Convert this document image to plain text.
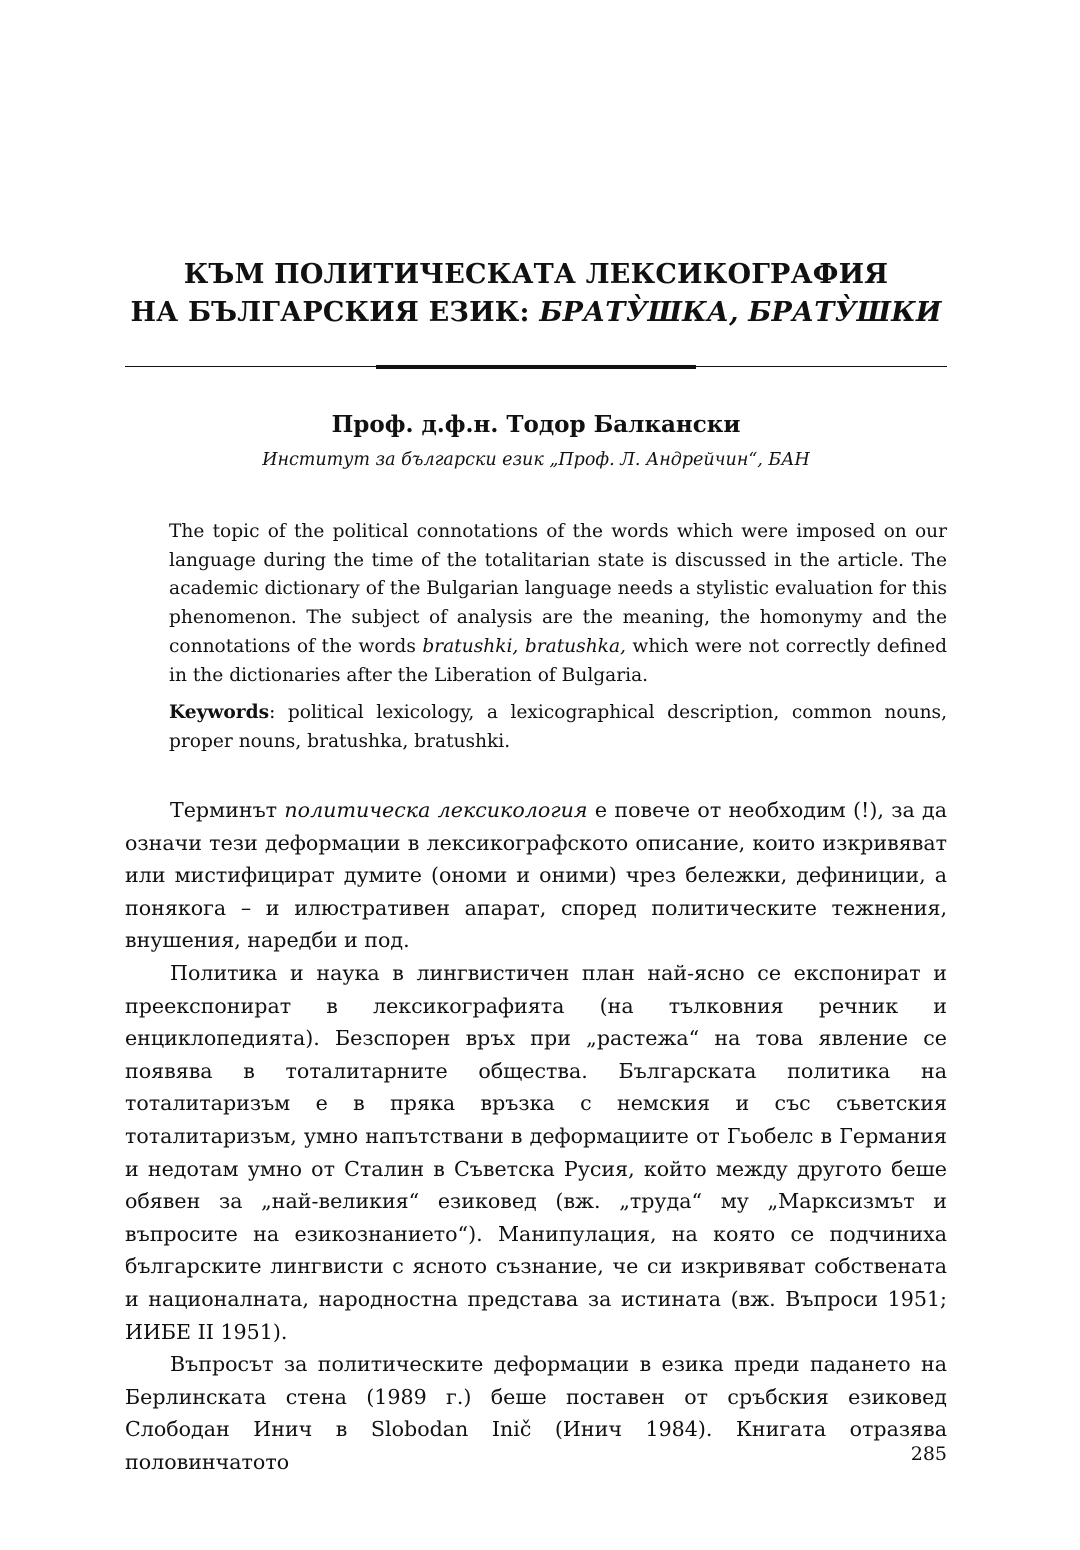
КЪМ ПОЛИТИЧЕСКАТА ЛЕКСИКОГРАФИЯ
НА БЪЛГАРСКИЯ ЕЗИК: БРАТУ̀ШКА, БРАТУ̀ШКИ
Проф. д.ф.н. Тодор Балкански
Институт за български език „Проф. Л. Андрейчин“, БАН

The topic of the political connotations of the words which were imposed on our language during the time of the totalitarian state is discussed in the article. The academic dictionary of the Bulgarian language needs a stylistic evaluation for this phenomenon. The subject of analysis are the meaning, the homonymy and the connotations of the words bratushki, bratushka, which were not correctly defined in the dictionaries after the Liberation of Bulgaria.

Keywords: political lexicology, a lexicographical description, common nouns, proper nouns, bratushka, bratushki.

Терминът политическа лексикология е повече от необходим (!), за да означи тези деформации в лексикографското описание, които изкривяват или мистифицират думите (ономи и оними) чрез бележки, дефиниции, а понякога – и илюстративен апарат, според политическите тежнения, внушения, наредби и под.

Политика и наука в лингвистичен план най-ясно се експонират и преекспонират в лексикографията (на тълковния речник и енциклопедията). Безспорен връх при „растежа“ на това явление се появява в тоталитарните общества. Българската политика на тоталитаризъм е в пряка връзка с немския и със съветския тоталитаризъм, умно напътствани в деформациите от Гьобелс в Германия и недотам умно от Сталин в Съветска Русия, който между другото беше обявен за „най-великия“ езиковед (вж. „труда“ му „Марксизмът и въпросите на езикознанието“). Манипулация, на която се подчиниха българските лингвисти с ясното съзнание, че си изкривяват собствената и националната, народностна представа за истината (вж. Въпроси 1951; ИИБЕ II 1951).

Въпросът за политическите деформации в езика преди падането на Берлинската стена (1989 г.) беше поставен от сръбския езиковед Слободан Инич в Slobodan Inič (Инич 1984). Книгата отразява половинчатото	285
